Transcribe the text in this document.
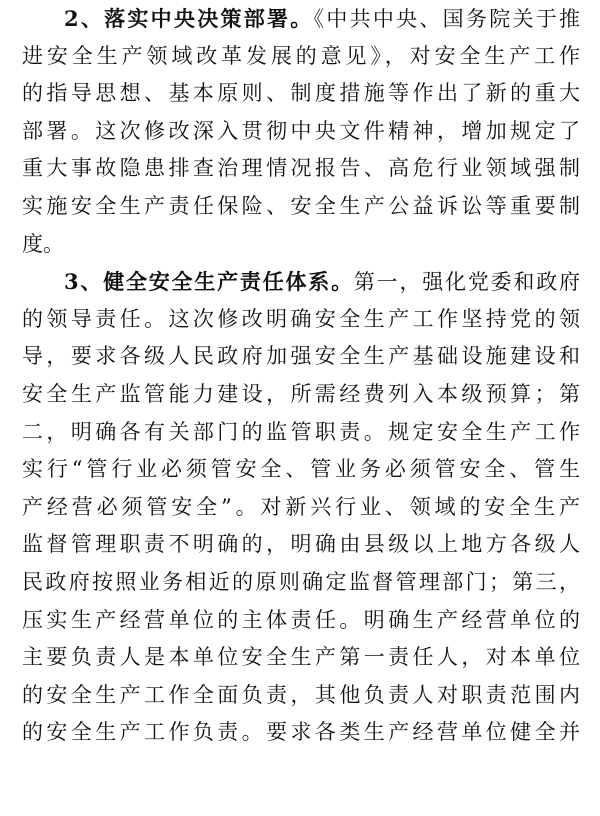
2、落实中央决策部署。《中共中央、国务院关于推
进安全生产领域改革发展的意见》，对安全生产工作
的指导思想、基本原则、制度措施等作出了新的重大
部署。这次修改深入贯彻中央文件精神，增加规定了
重大事故隐患排查治理情况报告、高危行业领域强制
实施安全生产责任保险、安全生产公益诉讼等重要制
度。
3、健全安全生产责任体系。第一，强化党委和政府
的领导责任。这次修改明确安全生产工作坚持党的领
导，要求各级人民政府加强安全生产基础设施建设和
安全生产监管能力建设，所需经费列入本级预算；第
二，明确各有关部门的监管职责。规定安全生产工作
实行“管行业必须管安全、管业务必须管安全、管生
产经营必须管安全”。对新兴行业、领域的安全生产
监督管理职责不明确的，明确由县级以上地方各级人
民政府按照业务相近的原则确定监督管理部门；第三，
压实生产经营单位的主体责任。明确生产经营单位的
主要负责人是本单位安全生产第一责任人，对本单位
的安全生产工作全面负责，其他负责人对职责范围内
的安全生产工作负责。要求各类生产经营单位健全并
